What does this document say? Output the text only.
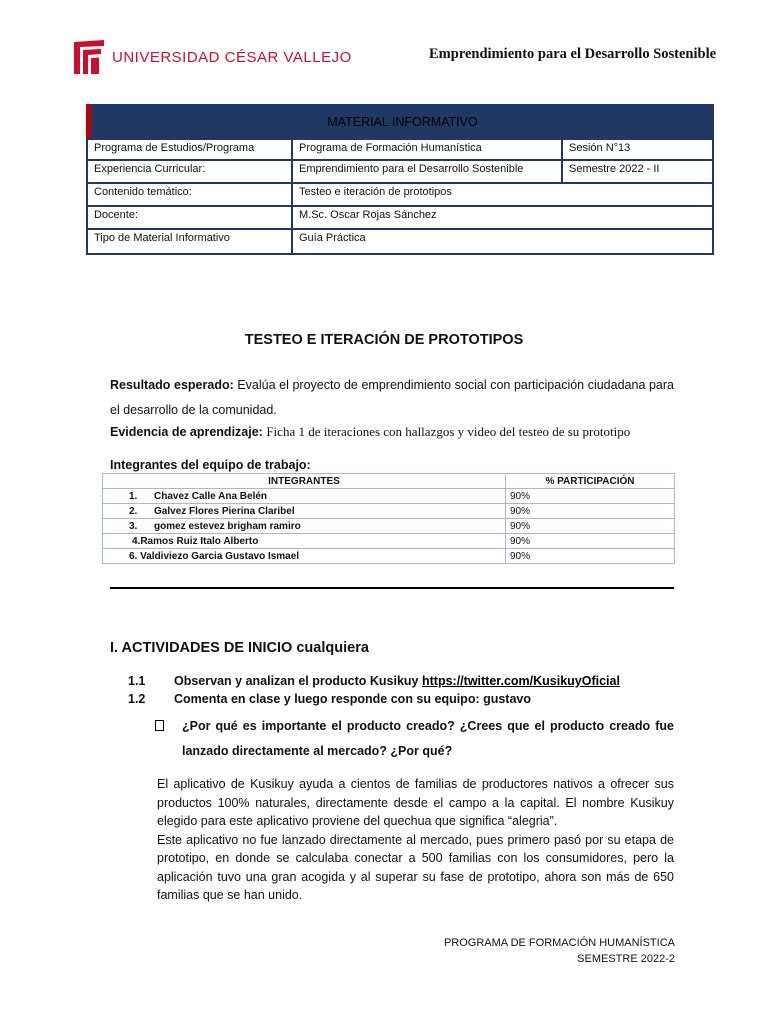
UNIVERSIDAD CÉSAR VALLEJO	Emprendimiento para el Desarrollo Sostenible
MATERIAL INFORMATIVO
Programa de Estudios/Programa	Programa de Formación Humanística	Sesión N°13
Experiencia Curricular:	Emprendimiento para el Desarrollo Sostenible	Semestre 2022 - II
Contenido temático:	Testeo e iteración de prototipos
Docente:	M.Sc. Oscar Rojas Sánchez
Tipo de Material Informativo	Guía Práctica
TESTEO E ITERACIÓN DE PROTOTIPOS
Resultado esperado: Evalúa el proyecto de emprendimiento social con participación ciudadana para el desarrollo de la comunidad.
Evidencia de aprendizaje: Ficha 1 de iteraciones con hallazgos y video del testeo de su prototipo
Integrantes del equipo de trabajo:
INTEGRANTES	% PARTICIPACIÓN
1.      Chavez Calle Ana Belén	90%
2.      Galvez Flores Pierina Claribel	90%
3.      gomez estevez brigham ramiro	90%
4.Ramos Ruiz Italo Alberto	90%
6. Valdiviezo Garcia Gustavo Ismael	90%
I. ACTIVIDADES DE INICIO cualquiera
1.1 Observan y analizan el producto Kusikuy https://twitter.com/KusikuyOficial
1.2 Comenta en clase y luego responde con su equipo: gustavo
¿Por qué es importante el producto creado? ¿Crees que el producto creado fue lanzado directamente al mercado? ¿Por qué?

El aplicativo de Kusikuy ayuda a cientos de familias de productores nativos a ofrecer sus productos 100% naturales, directamente desde el campo a la capital. El nombre Kusikuy elegido para este aplicativo proviene del quechua que significa “alegria”.

Este aplicativo no fue lanzado directamente al mercado, pues primero pasó por su etapa de prototipo, en donde se calculaba conectar a 500 familias con los consumidores, pero la aplicación tuvo una gran acogida y al superar su fase de prototipo, ahora son más de 650 familias que se han unido.

PROGRAMA DE FORMACIÓN HUMANÍSTICA
SEMESTRE 2022-2
